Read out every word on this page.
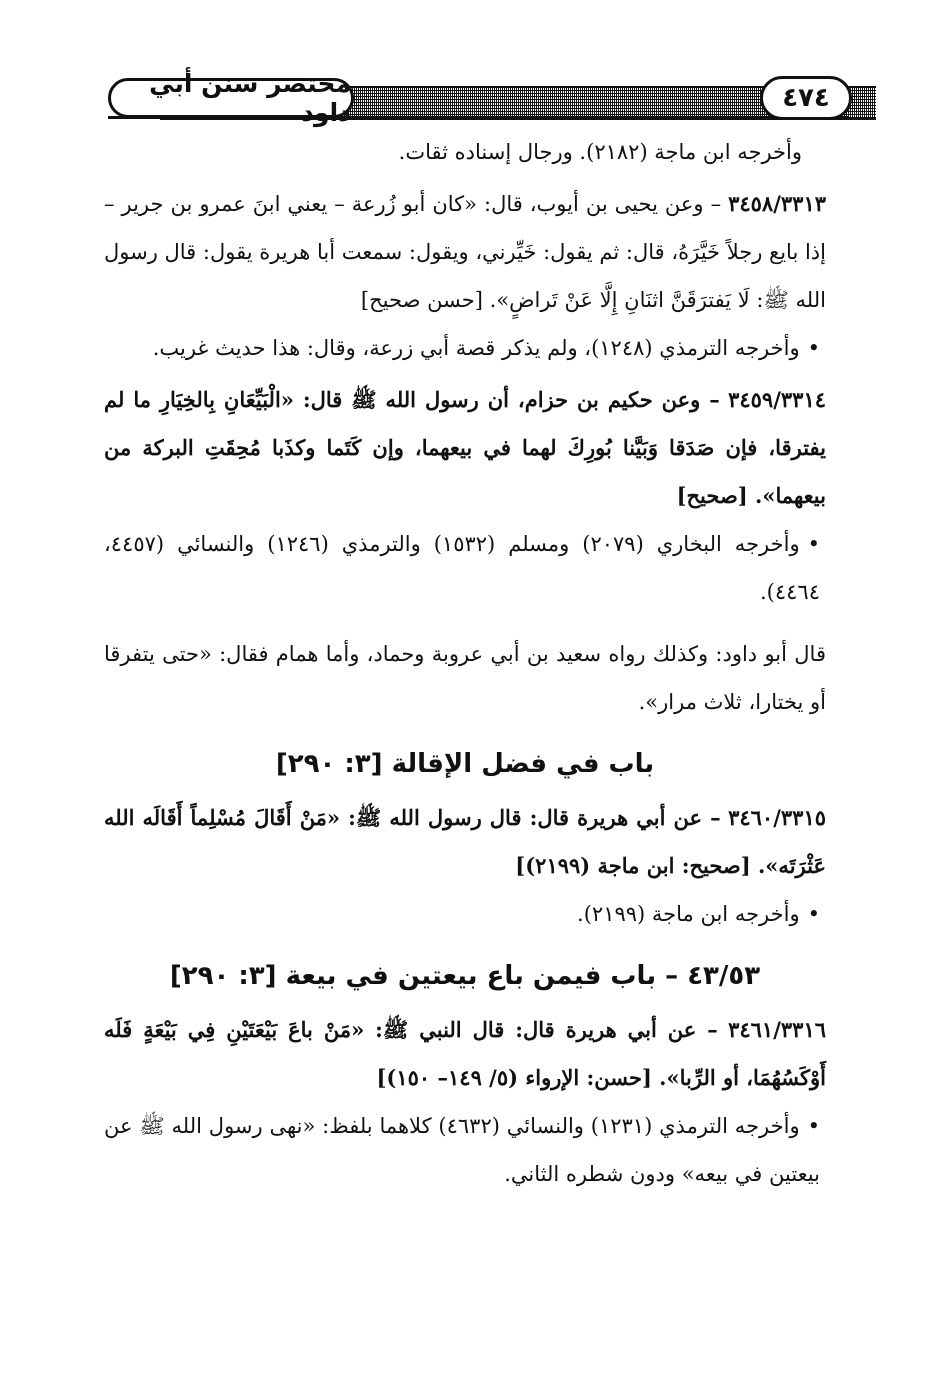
مختصر سنن أبي داود	٤٧٤

وأخرجه ابن ماجة (٢١٨٢). ورجال إسناده ثقات.

٣٤٥٨/٣٣١٣ – وعن يحيى بن أيوب، قال: «كان أبو زُرعة – يعني ابنَ عمرو بن جرير – إذا بايع رجلاً خَيَّرَهُ، قال: ثم يقول: خَيِّرني، ويقول: سمعت أبا هريرة يقول: قال رسول الله ﷺ: لَا يَفترَقَنَّ اثنَانِ إِلَّا عَنْ تَراضٍ». [حسن صحيح]

•وأخرجه الترمذي (١٢٤٨)، ولم يذكر قصة أبي زرعة، وقال: هذا حديث غريب.

٣٤٥٩/٣٣١٤ – وعن حكيم بن حزام، أن رسول الله ﷺ قال: «الْبَيِّعَانِ بِالخِيَارِ ما لم يفترقا، فإن صَدَقا وَبَيَّنا بُورِكَ لهما في بيعهما، وإن كَتَما وكذَبا مُحِقَتِ البركة من بيعهما». [صحيح]

•وأخرجه البخاري (٢٠٧٩) ومسلم (١٥٣٢) والترمذي (١٢٤٦) والنسائي (٤٤٥٧، ٤٤٦٤).

قال أبو داود: وكذلك رواه سعيد بن أبي عروبة وحماد، وأما همام فقال: «حتى يتفرقا أو يختارا، ثلاث مرار».

باب في فضل الإقالة [٣: ٢٩٠]

٣٤٦٠/٣٣١٥ – عن أبي هريرة قال: قال رسول الله ﷺ: «مَنْ أَقَالَ مُسْلِماً أَقَالَه الله عَثْرَتَه». [صحيح: ابن ماجة (٢١٩٩)]

•وأخرجه ابن ماجة (٢١٩٩).

٤٣/٥٣ – باب فيمن باع بيعتين في بيعة [٣: ٢٩٠]

٣٤٦١/٣٣١٦ – عن أبي هريرة قال: قال النبي ﷺ: «مَنْ باعَ بَيْعَتَيْنِ فِي بَيْعَةٍ فَلَه أَوْكَسُهُمَا، أو الرِّبا». [حسن: الإرواء (٥/ ١٤٩– ١٥٠)]

•وأخرجه الترمذي (١٢٣١) والنسائي (٤٦٣٢) كلاهما بلفظ: «نهى رسول الله ﷺ عن بيعتين في بيعه» ودون شطره الثاني.
